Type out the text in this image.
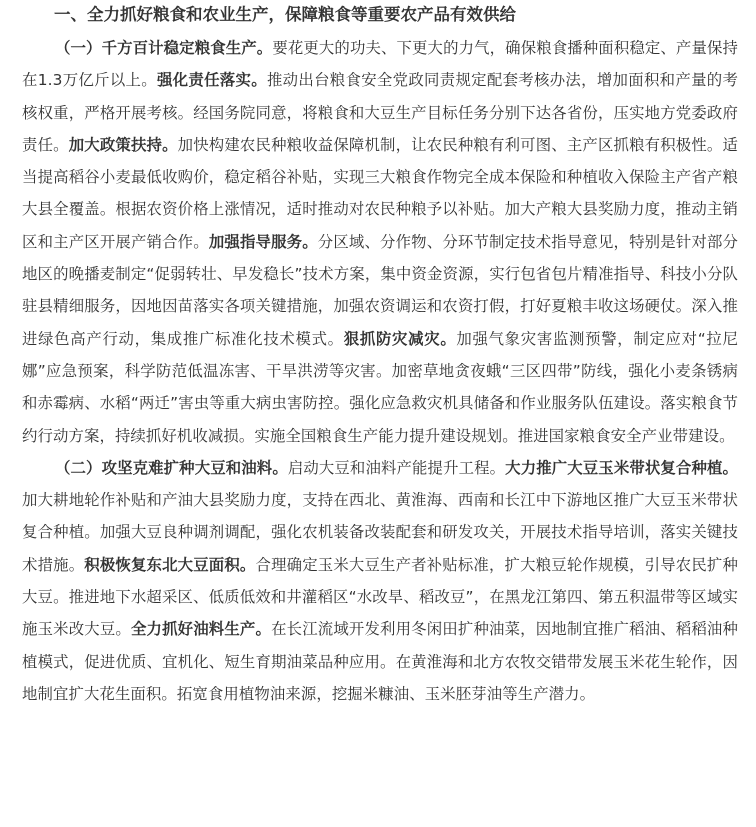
一、全力抓好粮食和农业生产，保障粮食等重要农产品有效供给

（一）千方百计稳定粮食生产。要花更大的功夫、下更大的力气，确保粮食播种面积稳定、产量保持在1.3万亿斤以上。强化责任落实。推动出台粮食安全党政同责规定配套考核办法，增加面积和产量的考核权重，严格开展考核。经国务院同意，将粮食和大豆生产目标任务分别下达各省份，压实地方党委政府责任。加大政策扶持。加快构建农民种粮收益保障机制，让农民种粮有利可图、主产区抓粮有积极性。适当提高稻谷小麦最低收购价，稳定稻谷补贴，实现三大粮食作物完全成本保险和种植收入保险主产省产粮大县全覆盖。根据农资价格上涨情况，适时推动对农民种粮予以补贴。加大产粮大县奖励力度，推动主销区和主产区开展产销合作。加强指导服务。分区域、分作物、分环节制定技术指导意见，特别是针对部分地区的晚播麦制定“促弱转壮、早发稳长”技术方案，集中资金资源，实行包省包片精准指导、科技小分队驻县精细服务，因地因苗落实各项关键措施，加强农资调运和农资打假，打好夏粮丰收这场硬仗。深入推进绿色高产行动，集成推广标准化技术模式。狠抓防灾减灾。加强气象灾害监测预警，制定应对“拉尼娜”应急预案，科学防范低温冻害、干旱洪涝等灾害。加密草地贪夜蛾“三区四带”防线，强化小麦条锈病和赤霉病、水稻“两迁”害虫等重大病虫害防控。强化应急救灾机具储备和作业服务队伍建设。落实粮食节约行动方案，持续抓好机收减损。实施全国粮食生产能力提升建设规划。推进国家粮食安全产业带建设。

（二）攻坚克难扩种大豆和油料。启动大豆和油料产能提升工程。大力推广大豆玉米带状复合种植。加大耕地轮作补贴和产油大县奖励力度，支持在西北、黄淮海、西南和长江中下游地区推广大豆玉米带状复合种植。加强大豆良种调剂调配，强化农机装备改装配套和研发攻关，开展技术指导培训，落实关键技术措施。积极恢复东北大豆面积。合理确定玉米大豆生产者补贴标准，扩大粮豆轮作规模，引导农民扩种大豆。推进地下水超采区、低质低效和井灌稻区“水改旱、稻改豆”，在黑龙江第四、第五积温带等区域实施玉米改大豆。全力抓好油料生产。在长江流域开发利用冬闲田扩种油菜，因地制宜推广稻油、稻稻油种植模式，促进优质、宜机化、短生育期油菜品种应用。在黄淮海和北方农牧交错带发展玉米花生轮作，因地制宜扩大花生面积。拓宽食用植物油来源，挖掘米糠油、玉米胚芽油等生产潜力。
